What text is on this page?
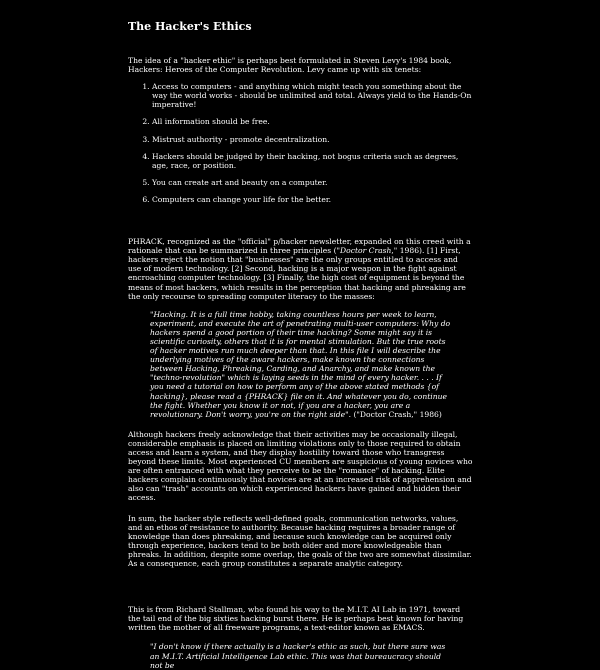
The Hacker's Ethics

The idea of a "hacker ethic" is perhaps best formulated in Steven Levy's 1984 book, Hackers: Heroes of the Computer Revolution. Levy came up with six tenets:

1. Access to computers - and anything which might teach you something about the way the world works - should be unlimited and total. Always yield to the Hands-On imperative!
2. All information should be free.
3. Mistrust authority - promote decentralization.
4. Hackers should be judged by their hacking, not bogus criteria such as degrees, age, race, or position.
5. You can create art and beauty on a computer.
6. Computers can change your life for the better.

PHRACK, recognized as the "official" p/hacker newsletter, expanded on this creed with a rationale that can be summarized in three principles ("Doctor Crash," 1986). [1] First, hackers reject the notion that "businesses" are the only groups entitled to access and use of modern technology. [2] Second, hacking is a major weapon in the fight against encroaching computer technology. [3] Finally, the high cost of equipment is beyond the means of most hackers, which results in the perception that hacking and phreaking are the only recourse to spreading computer literacy to the masses:

"Hacking. It is a full time hobby, taking countless hours per week to learn, experiment, and execute the art of penetrating multi-user computers: Why do hackers spend a good portion of their time hacking? Some might say it is scientific curiosity, others that it is for mental stimulation. But the true roots of hacker motives run much deeper than that. In this file I will describe the underlying motives of the aware hackers, make known the connections between Hacking, Phreaking, Carding, and Anarchy, and make known the "techno-revolution" which is laying seeds in the mind of every hacker. . . . If you need a tutorial on how to perform any of the above stated methods {of hacking}, please read a {PHRACK} file on it. And whatever you do, continue the fight. Whether you know it or not, if you are a hacker, you are a revolutionary. Don't worry, you're on the right side". ("Doctor Crash," 1986)

Although hackers freely acknowledge that their activities may be occasionally illegal, considerable emphasis is placed on limiting violations only to those required to obtain access and learn a system, and they display hostility toward those who transgress beyond these limits. Most experienced CU members are suspicious of young novices who are often entranced with what they perceive to be the "romance" of hacking. Elite hackers complain continuously that novices are at an increased risk of apprehension and also can "trash" accounts on which experienced hackers have gained and hidden their access.

In sum, the hacker style reflects well-defined goals, communication networks, values, and an ethos of resistance to authority. Because hacking requires a broader range of knowledge than does phreaking, and because such knowledge can be acquired only through experience, hackers tend to be both older and more knowledgeable than phreaks. In addition, despite some overlap, the goals of the two are somewhat dissimilar. As a consequence, each group constitutes a separate analytic category.

This is from Richard Stallman, who found his way to the M.I.T. AI Lab in 1971, toward the tail end of the big sixties hacking burst there. He is perhaps best known for having written the mother of all freeware programs, a text-editor known as EMACS.

"I don't know if there actually is a hacker's ethic as such, but there sure was an M.I.T. Artificial Intelligence Lab ethic. This was that bureaucracy should not be
